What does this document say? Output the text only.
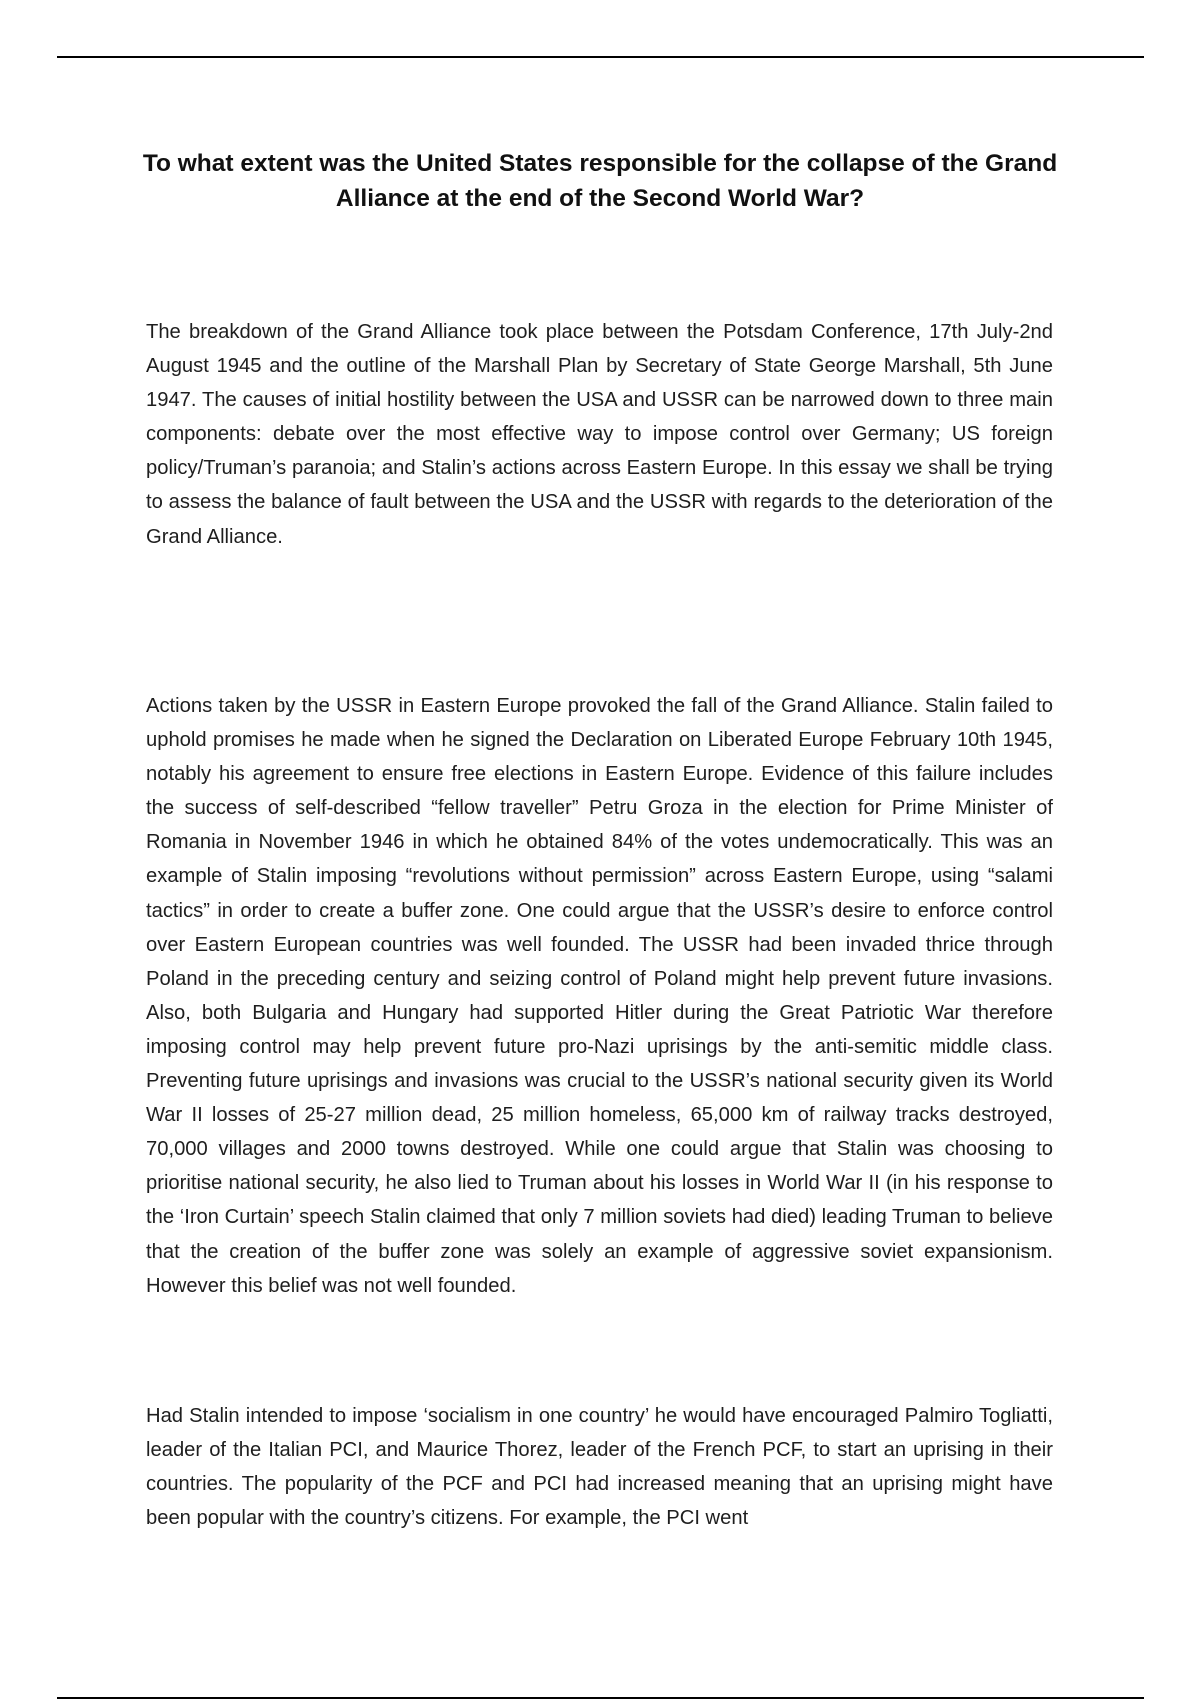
To what extent was the United States responsible for the collapse of the Grand Alliance at the end of the Second World War?

The breakdown of the Grand Alliance took place between the Potsdam Conference, 17th July-2nd August 1945 and the outline of the Marshall Plan by Secretary of State George Marshall, 5th June 1947. The causes of initial hostility between the USA and USSR can be narrowed down to three main components: debate over the most effective way to impose control over Germany; US foreign policy/Truman’s paranoia; and Stalin’s actions across Eastern Europe. In this essay we shall be trying to assess the balance of fault between the USA and the USSR with regards to the deterioration of the Grand Alliance.

Actions taken by the USSR in Eastern Europe provoked the fall of the Grand Alliance. Stalin failed to uphold promises he made when he signed the Declaration on Liberated Europe February 10th 1945, notably his agreement to ensure free elections in Eastern Europe. Evidence of this failure includes the success of self-described “fellow traveller” Petru Groza in the election for Prime Minister of Romania in November 1946 in which he obtained 84% of the votes undemocratically. This was an example of Stalin imposing “revolutions without permission” across Eastern Europe, using “salami tactics” in order to create a buffer zone. One could argue that the USSR’s desire to enforce control over Eastern European countries was well founded. The USSR had been invaded thrice through Poland in the preceding century and seizing control of Poland might help prevent future invasions. Also, both Bulgaria and Hungary had supported Hitler during the Great Patriotic War therefore imposing control may help prevent future pro-Nazi uprisings by the anti-semitic middle class. Preventing future uprisings and invasions was crucial to the USSR’s national security given its World War II losses of 25-27 million dead, 25 million homeless, 65,000 km of railway tracks destroyed, 70,000 villages and 2000 towns destroyed. While one could argue that Stalin was choosing to prioritise national security, he also lied to Truman about his losses in World War II (in his response to the ‘Iron Curtain’ speech Stalin claimed that only 7 million soviets had died) leading Truman to believe that the creation of the buffer zone was solely an example of aggressive soviet expansionism. However this belief was not well founded.

Had Stalin intended to impose ‘socialism in one country’ he would have encouraged Palmiro Togliatti, leader of the Italian PCI, and Maurice Thorez, leader of the French PCF, to start an uprising in their countries. The popularity of the PCF and PCI had increased meaning that an uprising might have been popular with the country’s citizens. For example, the PCI went
